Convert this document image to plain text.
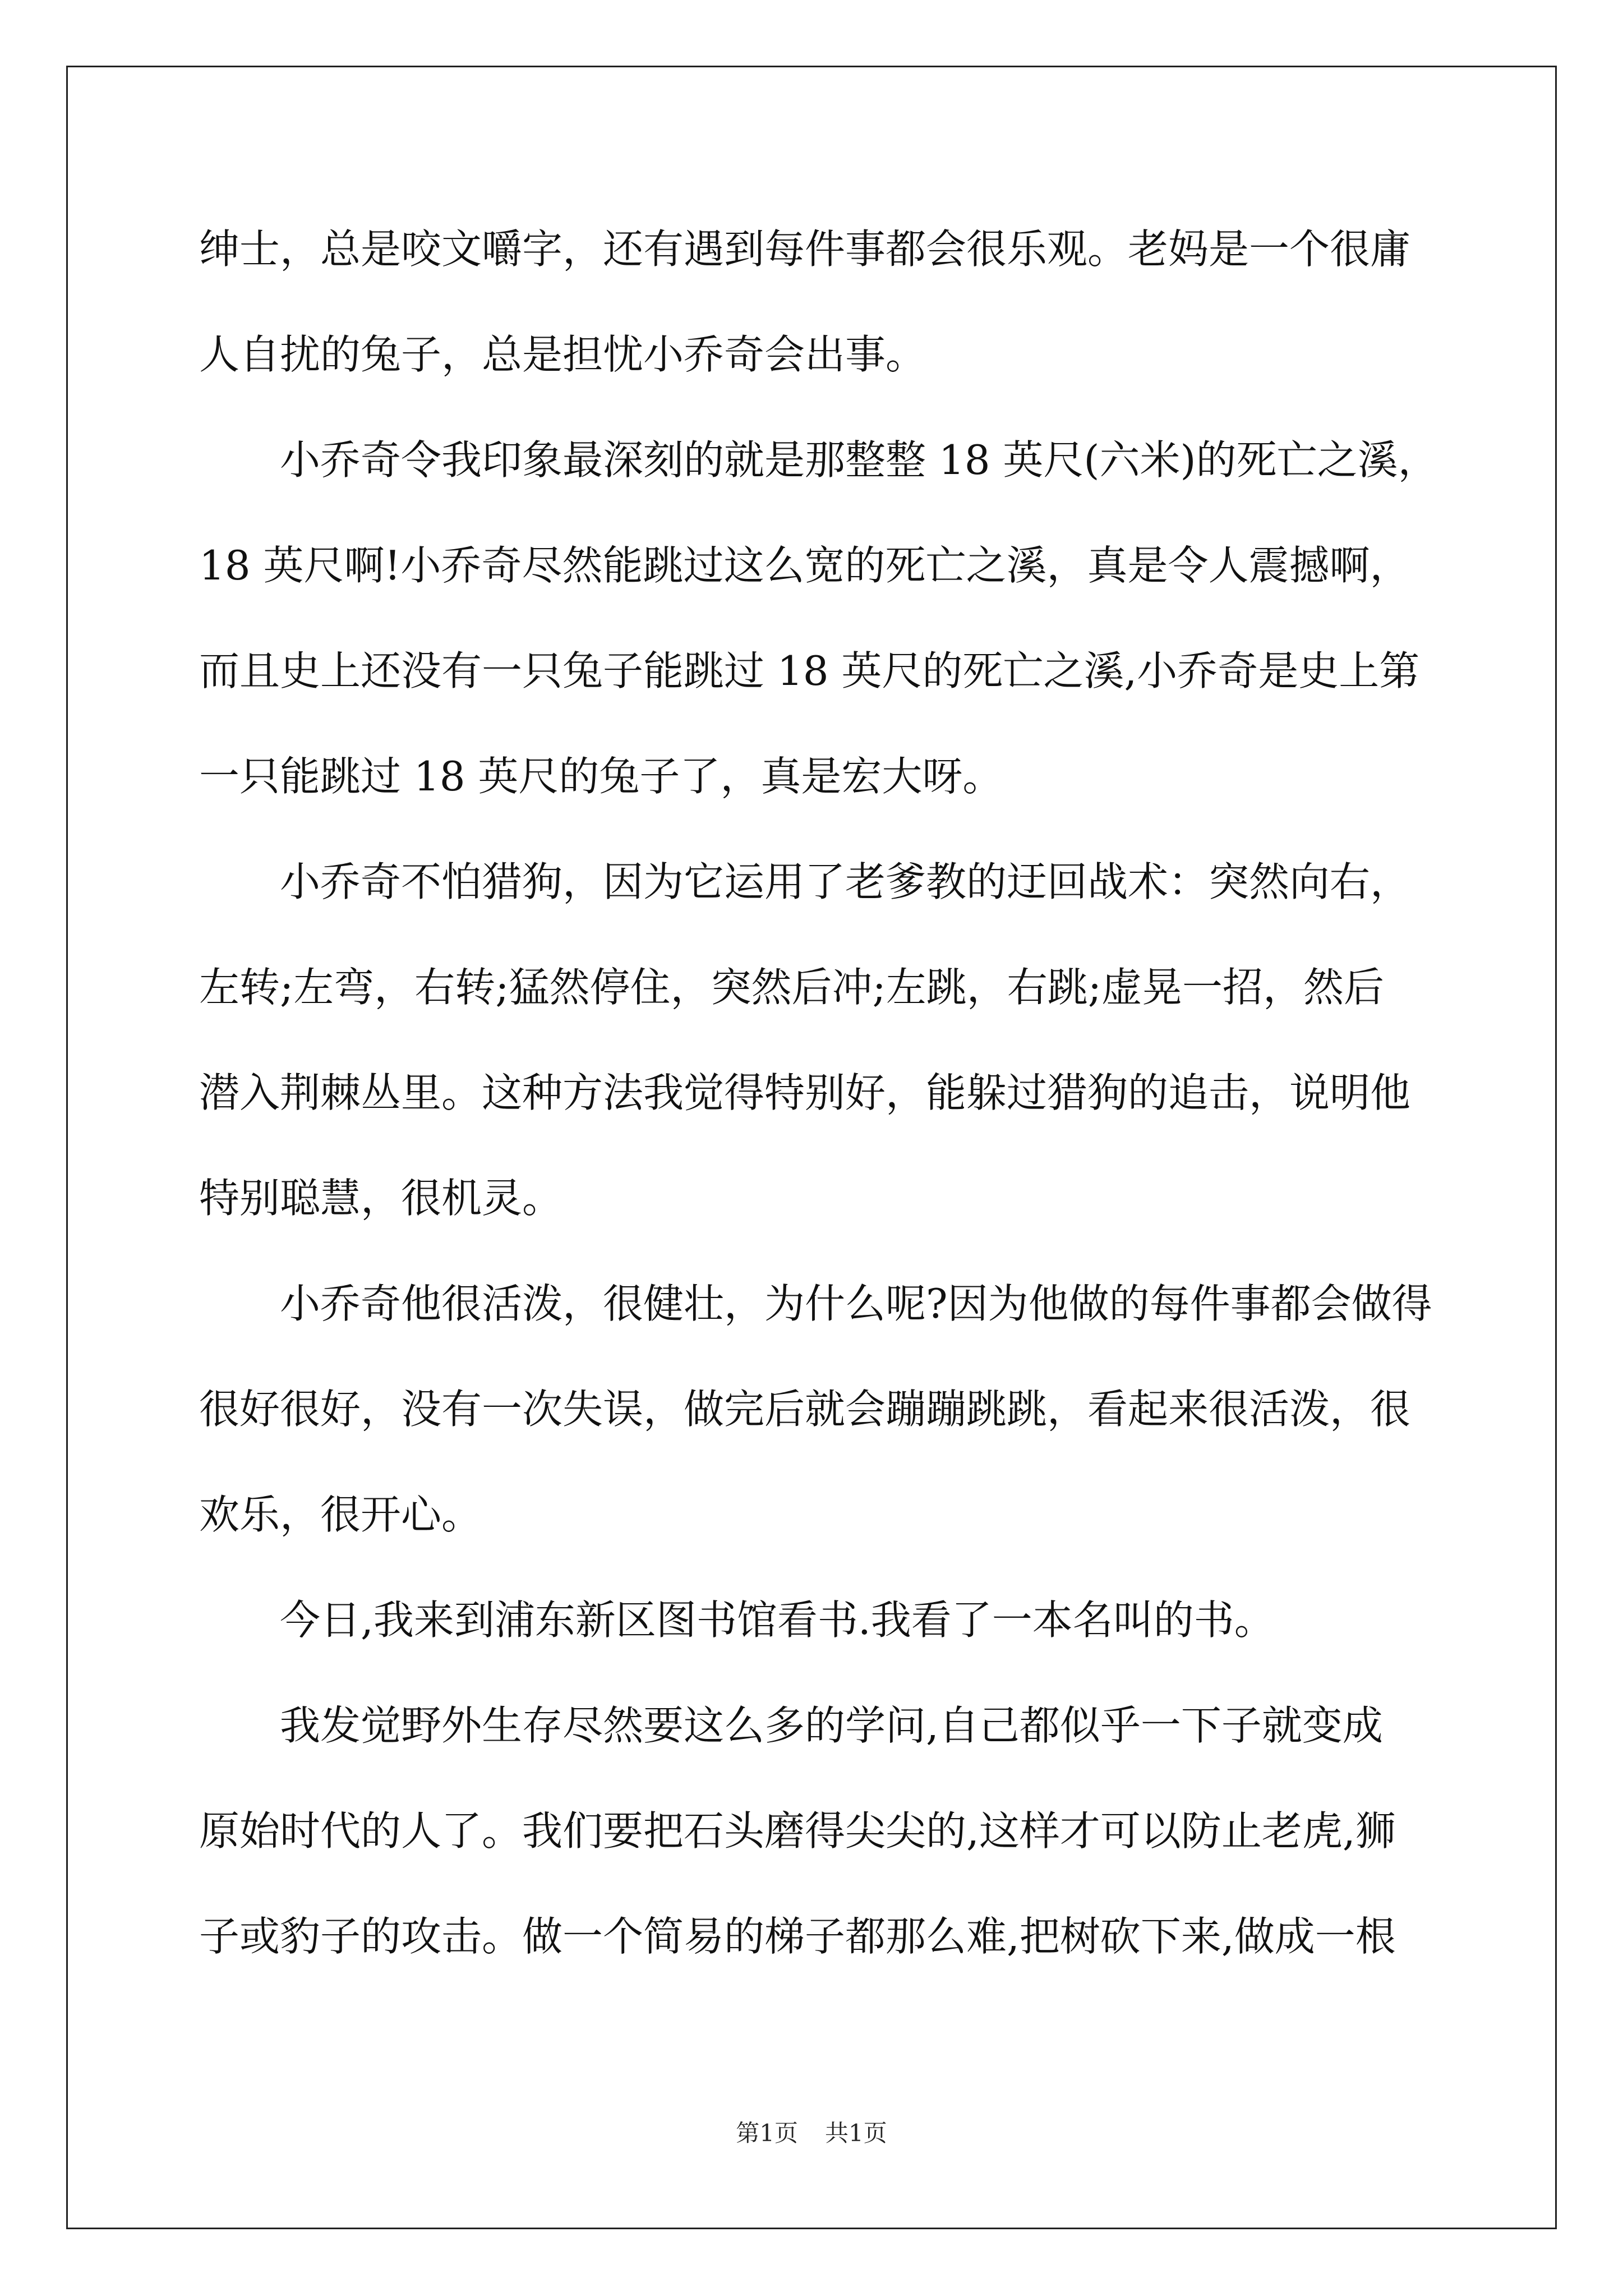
绅士，总是咬文嚼字，还有遇到每件事都会很乐观。老妈是一个很庸
人自扰的兔子，总是担忧小乔奇会出事。
　　小乔奇令我印象最深刻的就是那整整 18 英尺(六米)的死亡之溪，
18 英尺啊!小乔奇尽然能跳过这么宽的死亡之溪，真是令人震撼啊，
而且史上还没有一只兔子能跳过 18 英尺的死亡之溪,小乔奇是史上第
一只能跳过 18 英尺的兔子了，真是宏大呀。
　　小乔奇不怕猎狗，因为它运用了老爹教的迂回战术：突然向右，
左转;左弯，右转;猛然停住，突然后冲;左跳，右跳;虚晃一招，然后
潜入荆棘丛里。这种方法我觉得特别好，能躲过猎狗的追击，说明他
特别聪慧，很机灵。
　　小乔奇他很活泼，很健壮，为什么呢?因为他做的每件事都会做得
很好很好，没有一次失误，做完后就会蹦蹦跳跳，看起来很活泼，很
欢乐，很开心。
　　今日,我来到浦东新区图书馆看书.我看了一本名叫的书。
　　我发觉野外生存尽然要这么多的学问,自己都似乎一下子就变成
原始时代的人了。我们要把石头磨得尖尖的,这样才可以防止老虎,狮
子或豹子的攻击。做一个简易的梯子都那么难,把树砍下来,做成一根
第1页 共1页
